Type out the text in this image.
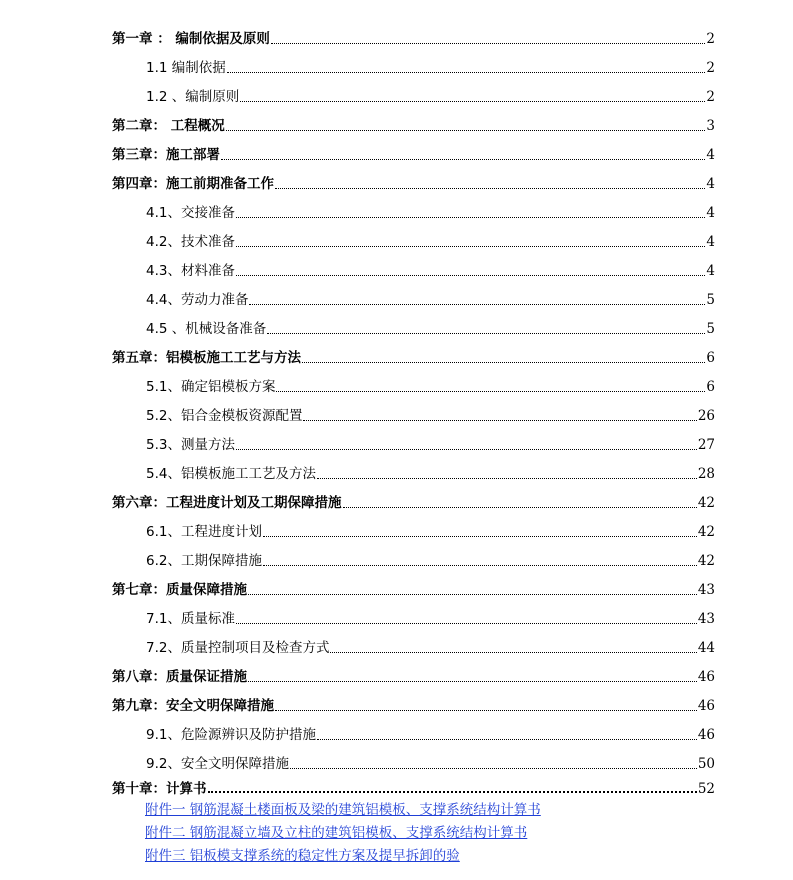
第一章 ： 编制依据及原则	2
1.1 编制依据	2
1.2 、编制原则	2
第二章： 工程概况	3
第三章：施工部署	4
第四章：施工前期准备工作	4
4.1、交接准备	4
4.2、技术准备	4
4.3、材料准备	4
4.4、劳动力准备	5
4.5 、机械设备准备	5
第五章：铝模板施工工艺与方法	6
5.1、确定铝模板方案	6
5.2、铝合金模板资源配置	26
5.3、测量方法	27
5.4、铝模板施工工艺及方法	28
第六章：工程进度计划及工期保障措施	42
6.1、工程进度计划	42
6.2、工期保障措施	42
第七章：质量保障措施	43
7.1、质量标准	43
7.2、质量控制项目及检查方式	44
第八章：质量保证措施	46
第九章：安全文明保障措施	46
9.1、危险源辨识及防护措施	46
9.2、安全文明保障措施	50
第十章：计算书	52
附件一 钢筋混凝土楼面板及梁的建筑铝模板、支撑系统结构计算书
附件二 钢筋混凝立墙及立柱的建筑铝模板、支撑系统结构计算书
附件三 铝板模支撑系统的稳定性方案及提早拆卸的验
